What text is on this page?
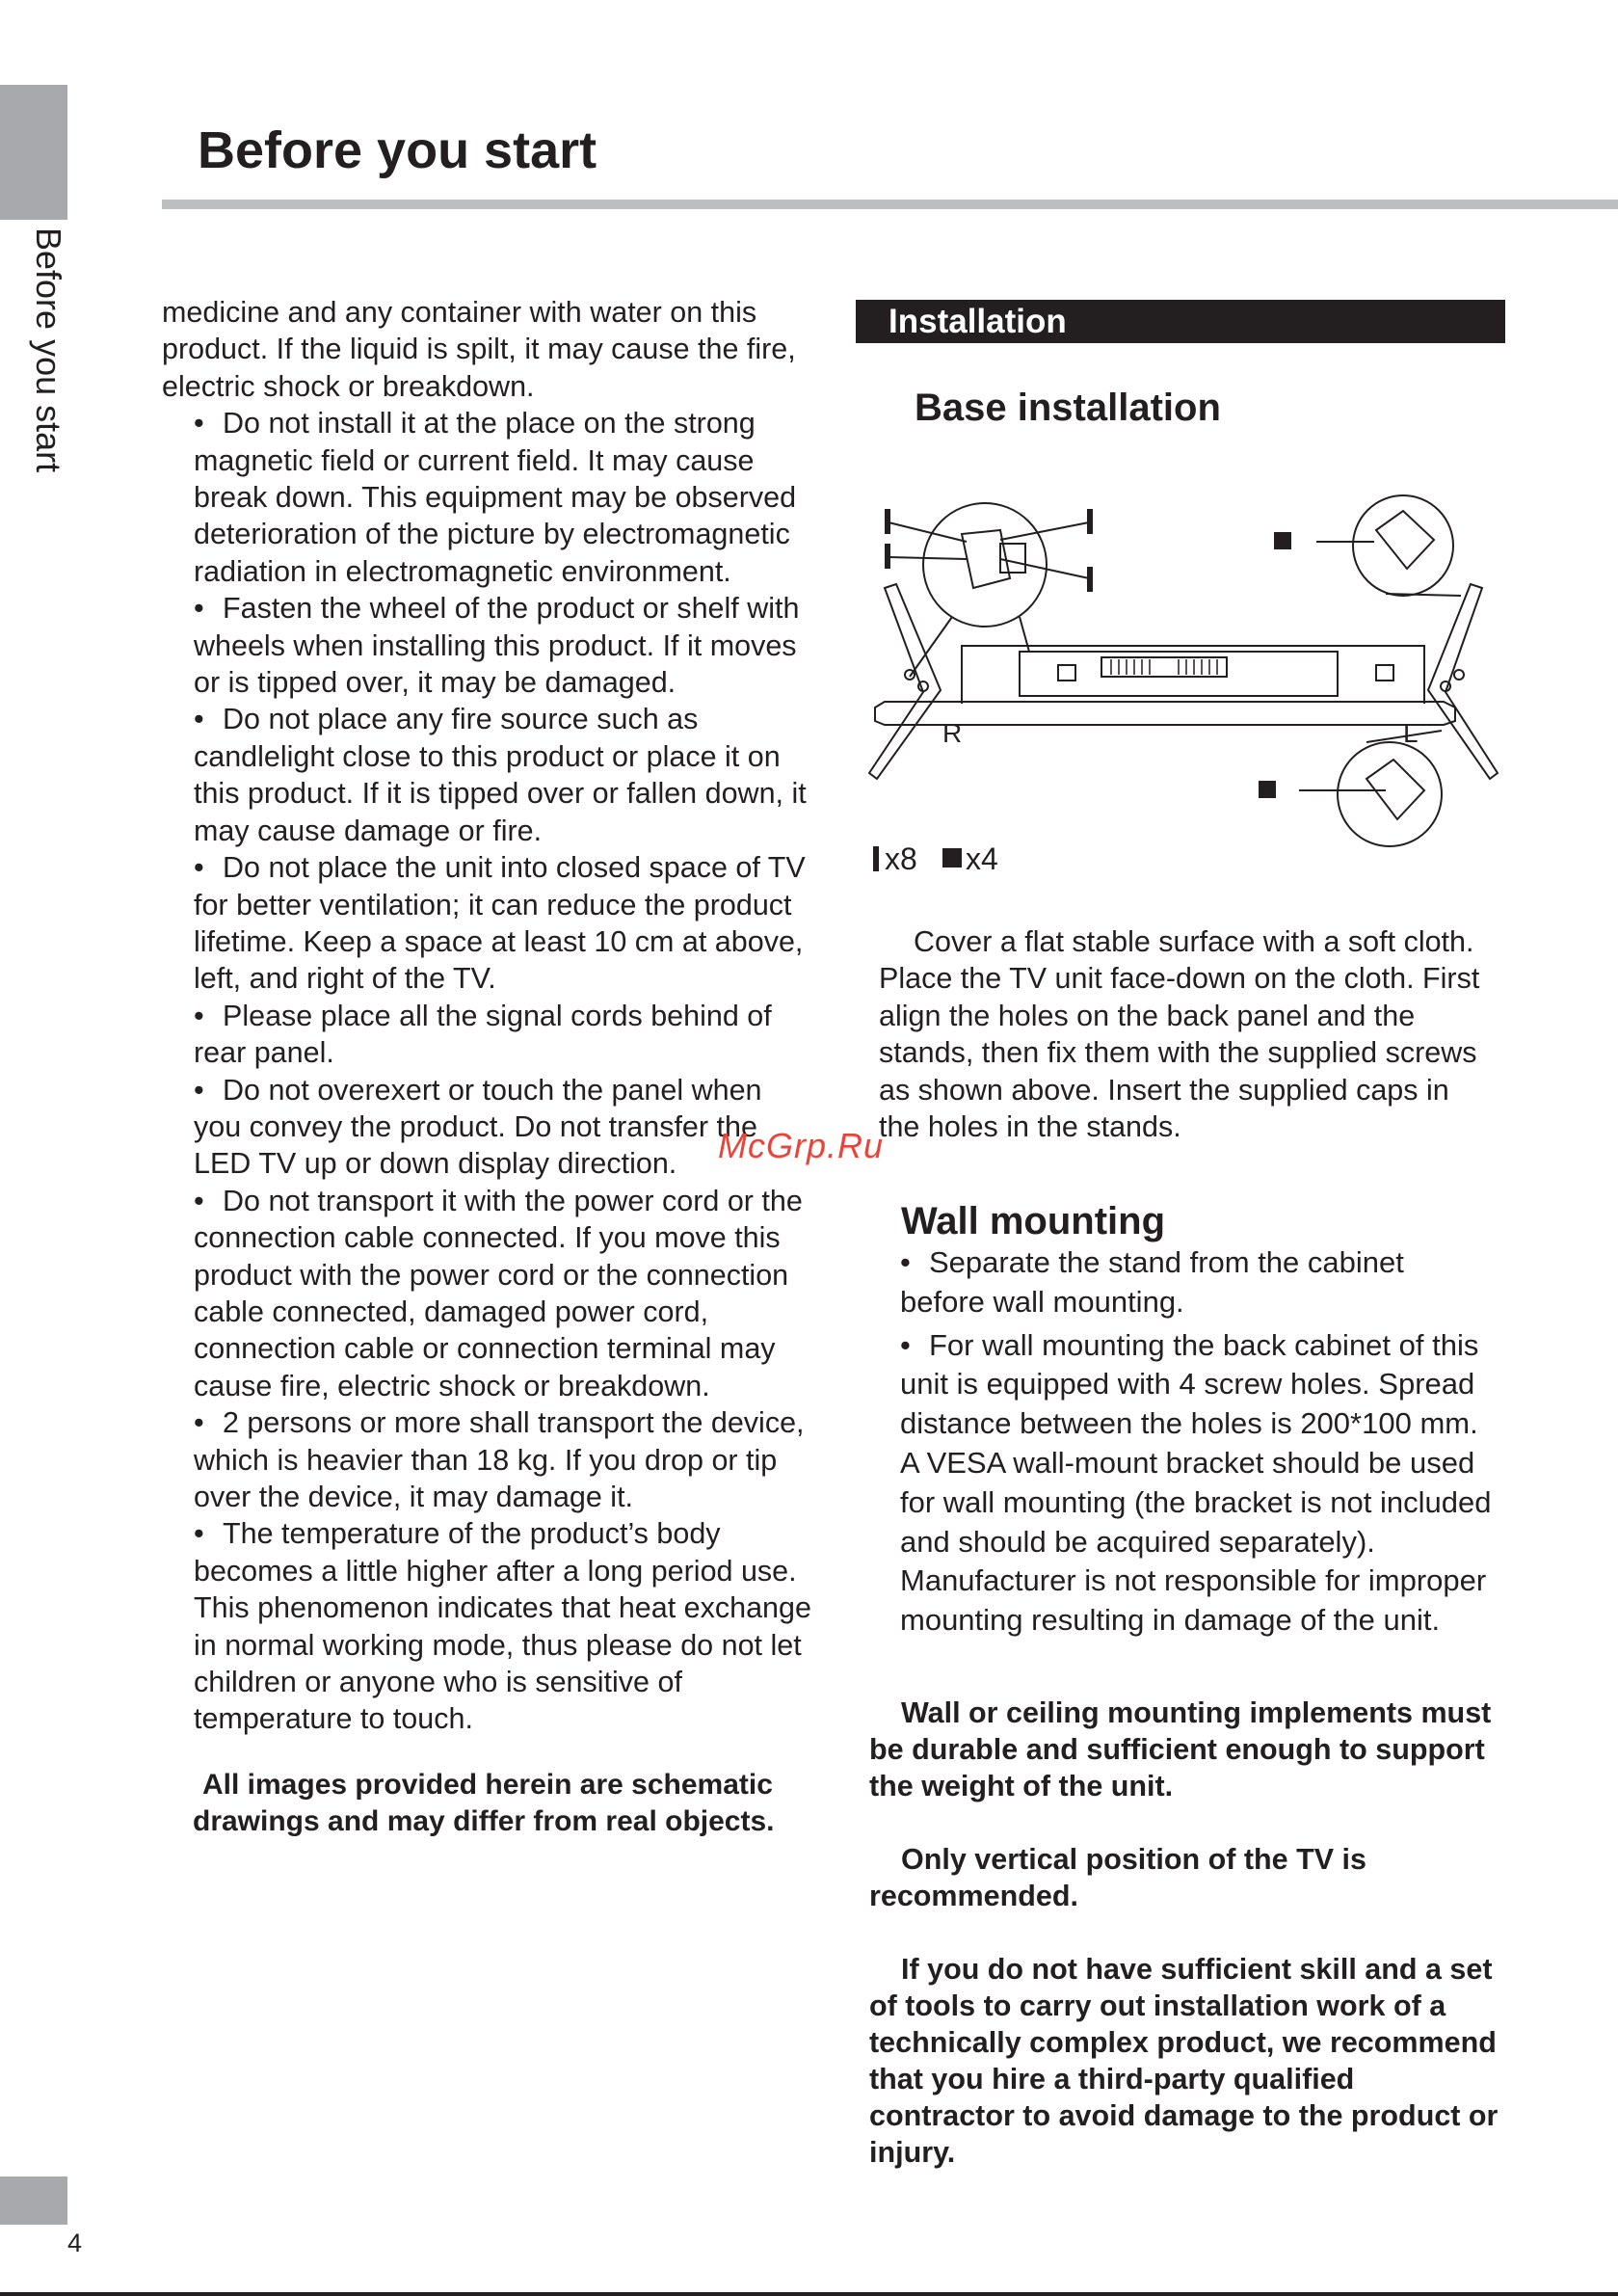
Before you start
Before you start

medicine and any container with water on this product. If the liquid is spilt, it may cause the fire, electric shock or breakdown.

• Do not install it at the place on the strong magnetic field or current field. It may cause break down. This equipment may be observed deterioration of the picture by electromagnetic radiation in electromagnetic environment.

• Fasten the wheel of the product or shelf with wheels when installing this product. If it moves or is tipped over, it may be damaged.

• Do not place any fire source such as candlelight close to this product or place it on this product. If it is tipped over or fallen down, it may cause damage or fire.

• Do not place the unit into closed space of TV for better ventilation; it can reduce the product lifetime. Keep a space at least 10 cm at above, left, and right of the TV.

• Please place all the signal cords behind of rear panel.

• Do not overexert or touch the panel when you convey the product. Do not transfer the LED TV up or down display direction.

• Do not transport it with the power cord or the connection cable connected. If you move this product with the power cord or the connection cable connected, damaged power cord, connection cable or connection terminal may cause fire, electric shock or breakdown.

• 2 persons or more shall transport the device, which is heavier than 18 kg. If you drop or tip over the device, it may damage it.

• The temperature of the product’s body becomes a little higher after a long period use. This phenomenon indicates that heat exchange in normal working mode, thus please do not let children or anyone who is sensitive of temperature to touch.

All images provided herein are schematic drawings and may differ from real objects.

Installation
Base installation
R	L
x8 x4

Cover a flat stable surface with a soft cloth. Place the TV unit face-down on the cloth. First align the holes on the back panel and the stands, then fix them with the supplied screws as shown above. Insert the supplied caps in the holes in the stands.

McGrp.Ru
Wall mounting

• Separate the stand from the cabinet before wall mounting.

• For wall mounting the back cabinet of this unit is equipped with 4 screw holes. Spread distance between the holes is 200*100 mm. A VESA wall-mount bracket should be used for wall mounting (the bracket is not included and should be acquired separately). Manufacturer is not responsible for improper mounting resulting in damage of the unit.

Wall or ceiling mounting implements must be durable and sufficient enough to support the weight of the unit.

Only vertical position of the TV is recommended.

If you do not have sufficient skill and a set of tools to carry out installation work of a technically complex product, we recommend that you hire a third-party qualified contractor to avoid damage to the product or injury.

4
